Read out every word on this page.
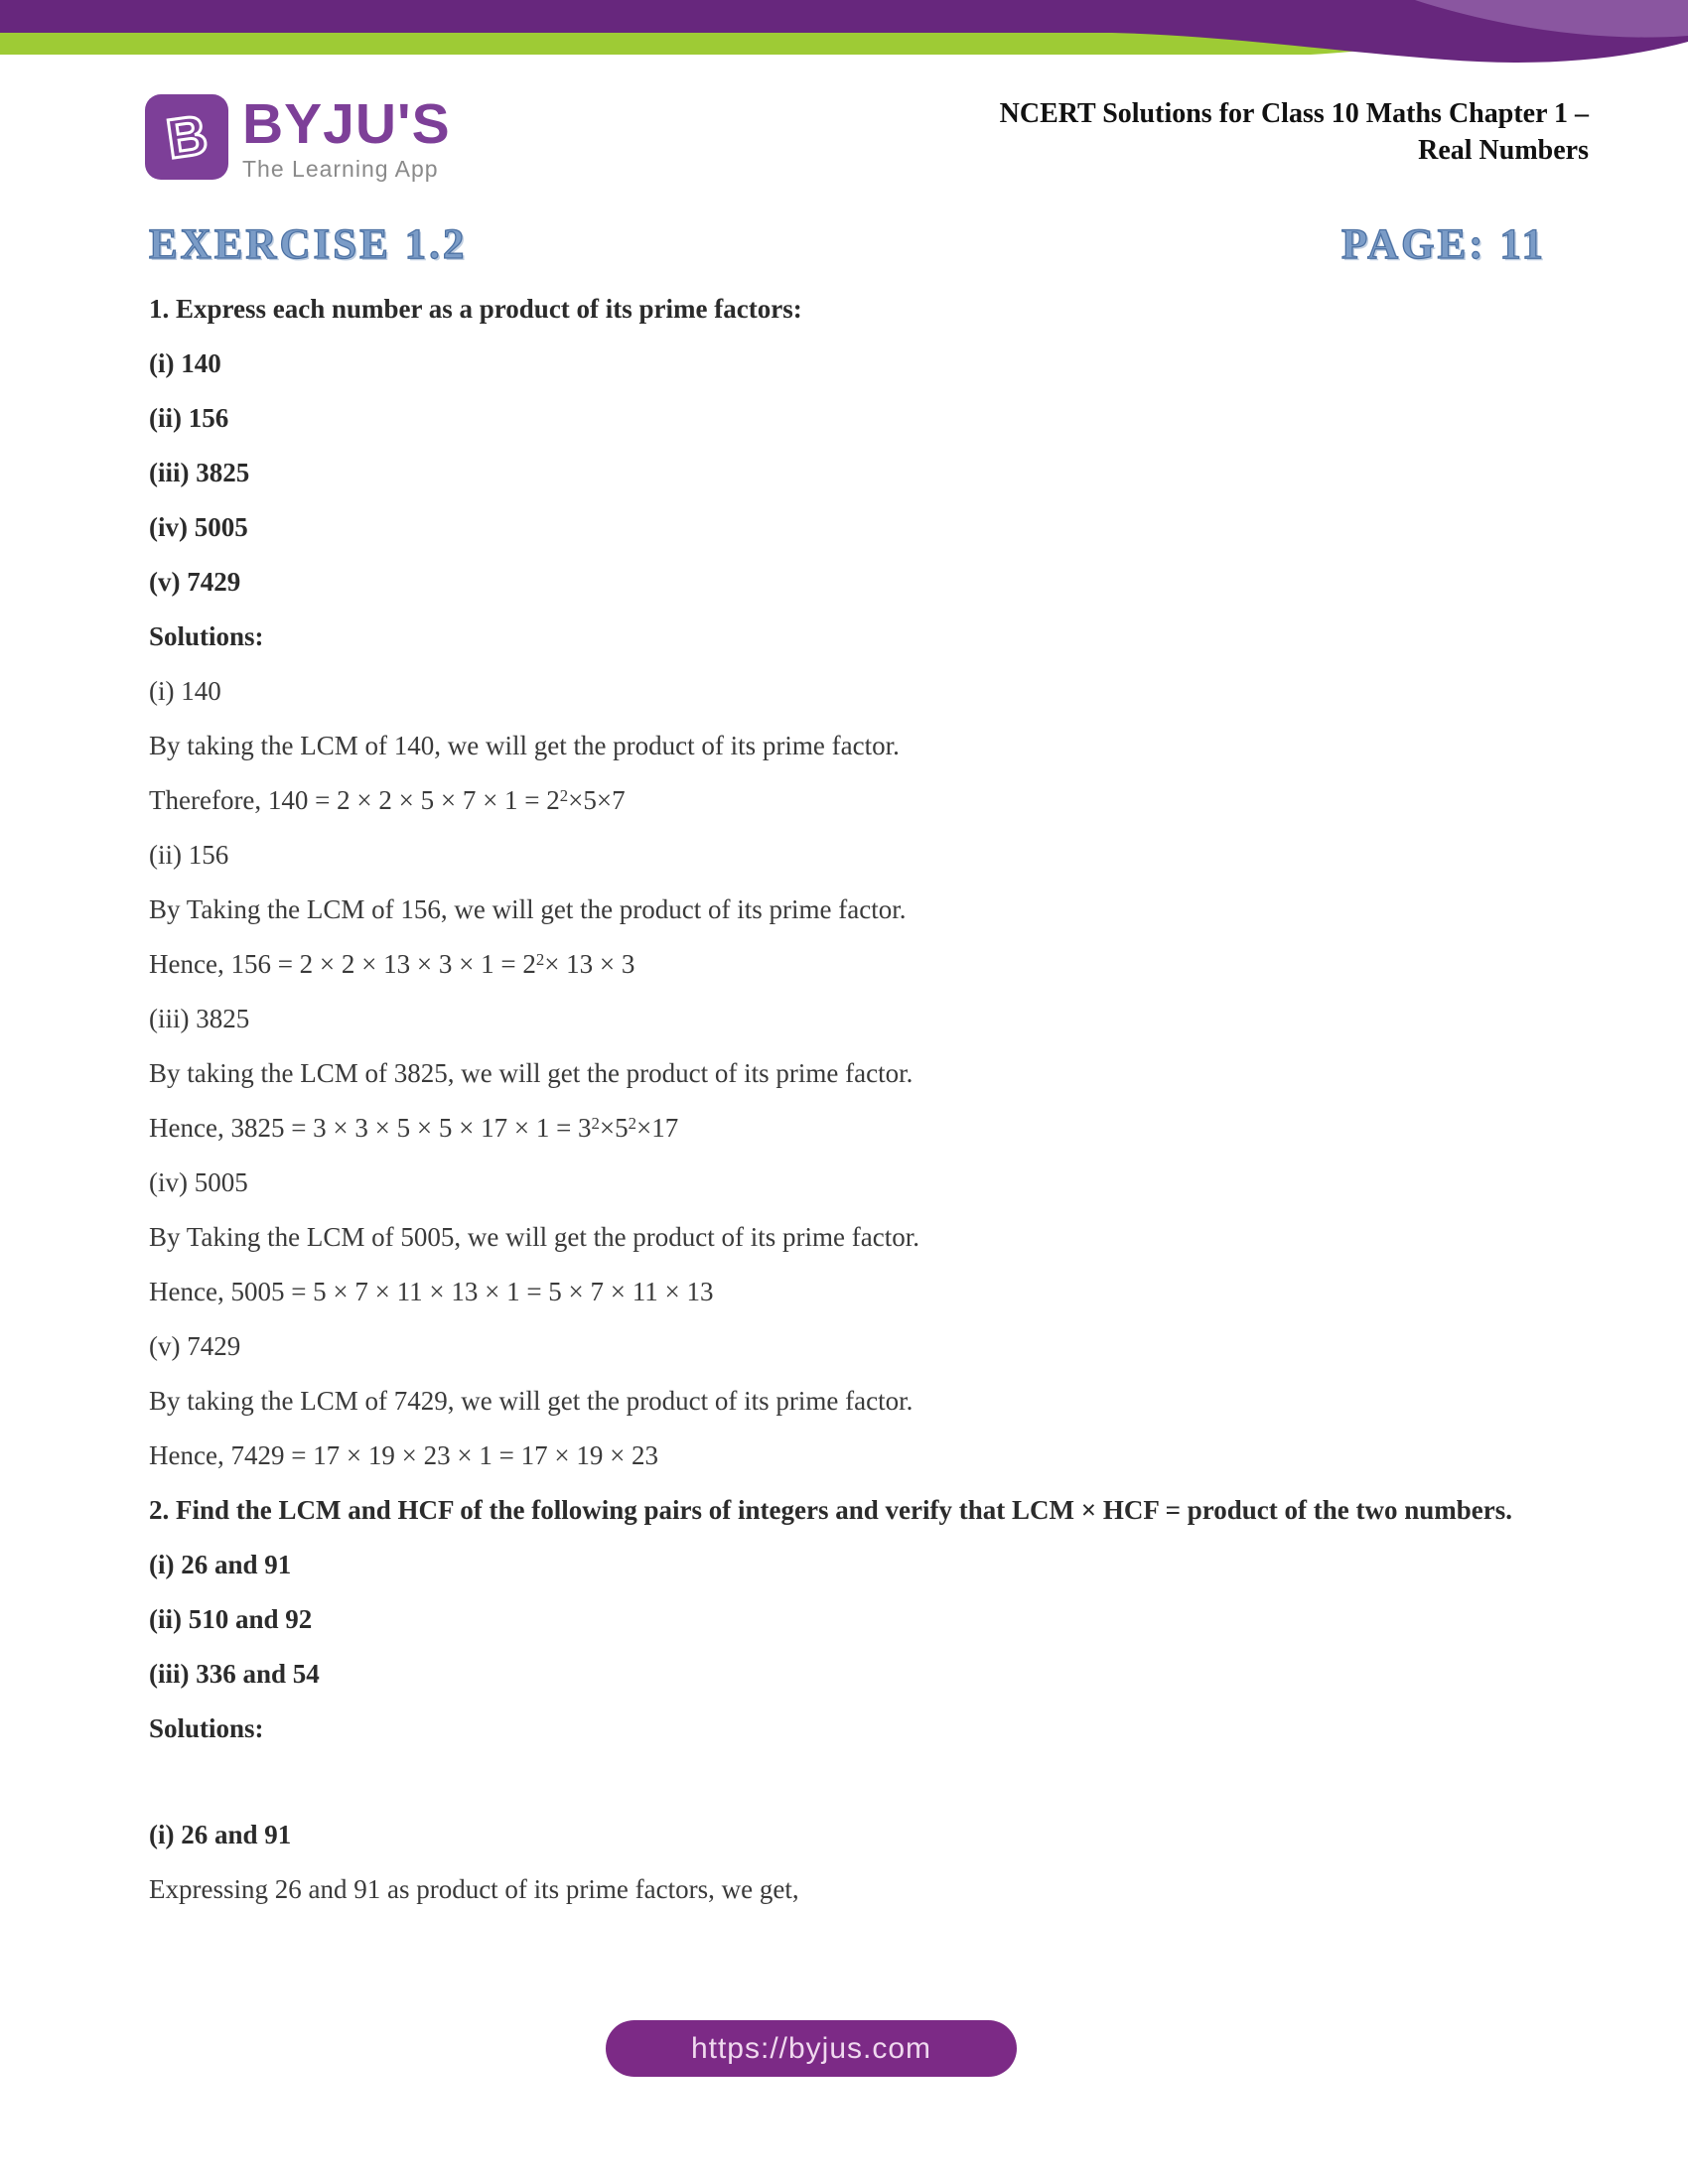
B BYJU'S
The Learning App
NCERT Solutions for Class 10 Maths Chapter 1 –
Real Numbers
EXERCISE 1.2	PAGE: 11

1. Express each number as a product of its prime factors:

(i) 140

(ii) 156

(iii) 3825

(iv) 5005

(v) 7429

Solutions:

(i) 140

By taking the LCM of 140, we will get the product of its prime factor.

Therefore, $140 = 2 \times 2 \times 5 \times 7 \times 1 = 2^2\times 5\times 7$

(ii) 156

By Taking the LCM of 156, we will get the product of its prime factor.

Hence, $156 = 2 \times 2 \times 13 \times 3 \times 1 = 2^2\times 13 \times 3$

(iii) 3825

By taking the LCM of 3825, we will get the product of its prime factor.

Hence, $3825 = 3 \times 3 \times 5 \times 5 \times 17 \times 1 = 3^2\times 5^2\times 17$

(iv) 5005

By Taking the LCM of 5005, we will get the product of its prime factor.

Hence, 5005 = 5 × 7 × 11 × 13 × 1 = 5 × 7 × 11 × 13

(v) 7429

By taking the LCM of 7429, we will get the product of its prime factor.

Hence, 7429 = 17 × 19 × 23 × 1 = 17 × 19 × 23

2. Find the LCM and HCF of the following pairs of integers and verify that LCM × HCF = product of the two numbers.

(i) 26 and 91

(ii) 510 and 92

(iii) 336 and 54

Solutions:

(i) 26 and 91

Expressing 26 and 91 as product of its prime factors, we get,

https://byjus.com
